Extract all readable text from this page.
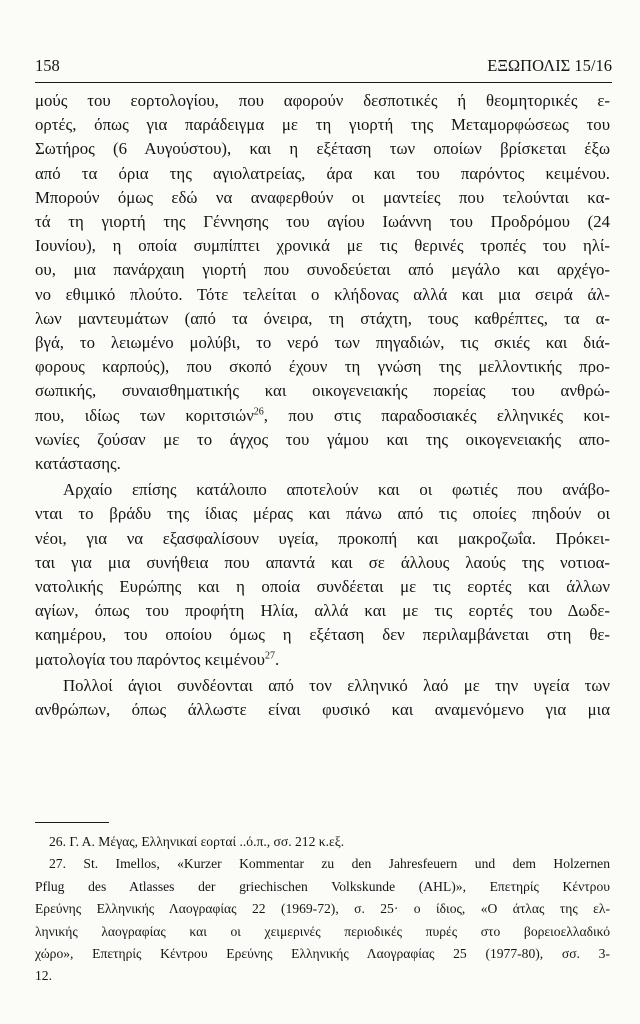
158	ΕΞΩΠΟΛΙΣ 15/16

μούς του εορτολογίου, που αφορούν δεσποτικές ή θεομητορικές ε-
ορτές, όπως για παράδειγμα με τη γιορτή της Μεταμορφώσεως του
Σωτήρος (6 Αυγούστου), και η εξέταση των οποίων βρίσκεται έξω
από τα όρια της αγιολατρείας, άρα και του παρόντος κειμένου.
Μπορούν όμως εδώ να αναφερθούν οι μαντείες που τελούνται κα-
τά τη γιορτή της Γέννησης του αγίου Ιωάννη του Προδρόμου (24
Ιουνίου), η οποία συμπίπτει χρονικά με τις θερινές τροπές του ηλί-
ου, μια πανάρχαιη γιορτή που συνοδεύεται από μεγάλο και αρχέγο-
νο εθιμικό πλούτο. Τότε τελείται ο κλήδονας αλλά και μια σειρά άλ-
λων μαντευμάτων (από τα όνειρα, τη στάχτη, τους καθρέπτες, τα α-
βγά, το λειωμένο μολύβι, το νερό των πηγαδιών, τις σκιές και διά-
φορους καρπούς), που σκοπό έχουν τη γνώση της μελλοντικής προ-
σωπικής, συναισθηματικής και οικογενειακής πορείας του ανθρώ-
που, ιδίως των κοριτσιών$^{26}$, που στις παραδοσιακές ελληνικές κοι-
νωνίες ζούσαν με το άγχος του γάμου και της οικογενειακής απο-
κατάστασης.

Αρχαίο επίσης κατάλοιπο αποτελούν και οι φωτιές που ανάβο-
νται το βράδυ της ίδιας μέρας και πάνω από τις οποίες πηδούν οι
νέοι, για να εξασφαλίσουν υγεία, προκοπή και μακροζωΐα. Πρόκει-
ται για μια συνήθεια που απαντά και σε άλλους λαούς της νοτιοα-
νατολικής Ευρώπης και η οποία συνδέεται με τις εορτές και άλλων
αγίων, όπως του προφήτη Ηλία, αλλά και με τις εορτές του Δωδε-
καημέρου, του οποίου όμως η εξέταση δεν περιλαμβάνεται στη θε-
ματολογία του παρόντος κειμένου$^{27}$.

Πολλοί άγιοι συνδέονται από τον ελληνικό λαό με την υγεία των
ανθρώπων, όπως άλλωστε είναι φυσικό και αναμενόμενο για μια

26. Γ. Α. Μέγας, Ελληνικαί εορταί ..ό.π., σσ. 212 κ.εξ.
27. St. Imellos, «Kurzer Kommentar zu den Jahresfeuern und dem Holzernen
Pflug des Atlasses der griechischen Volkskunde (AHL)», Επετηρίς Κέντρου
Ερεύνης Ελληνικής Λαογραφίας 22 (1969-72), σ. 25· ο ίδιος, «Ο άτλας της ελ-
ληνικής λαογραφίας και οι χειμερινές περιοδικές πυρές στο βορειοελλαδικό
χώρο», Επετηρίς Κέντρου Ερεύνης Ελληνικής Λαογραφίας 25 (1977-80), σσ. 3-
12.
